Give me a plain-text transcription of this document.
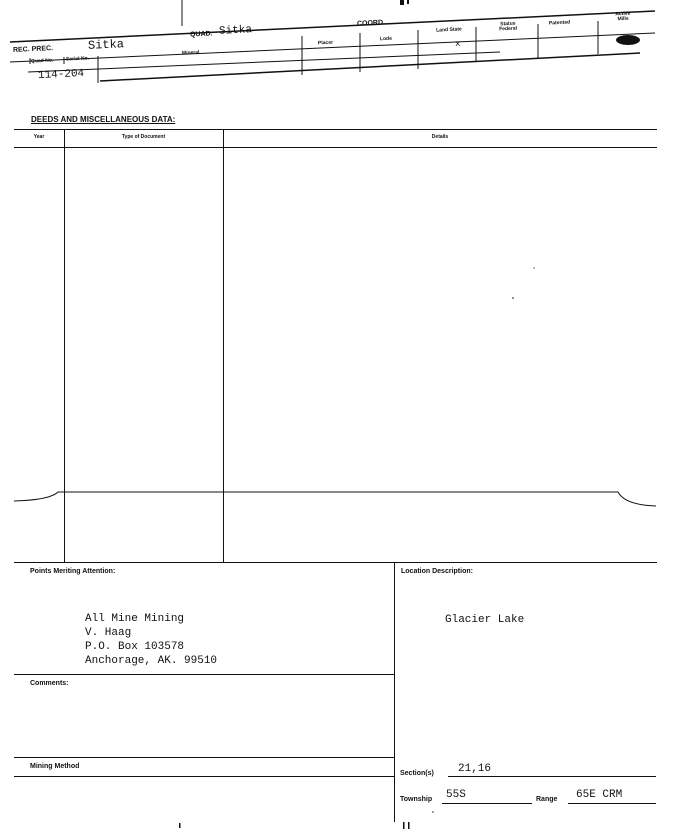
REC. PREC.	Sitka
QUAD. Sitka
COORD.
Quad No.	Serial No.
114-204
Mineral
Placer
Lode
Land State
x
Status Federal
Patented
Active Mills
DEEDS AND MISCELLANEOUS DATA:
Year	Type of Document	Details
Points Meriting Attention:
All Mine Mining
V. Haag
P.O. Box 103578
Anchorage, AK. 99510
Location Description:
Glacier Lake
Comments:
Mining Method
Section(s) 21,16
Township 55S	Range 65E CRM
